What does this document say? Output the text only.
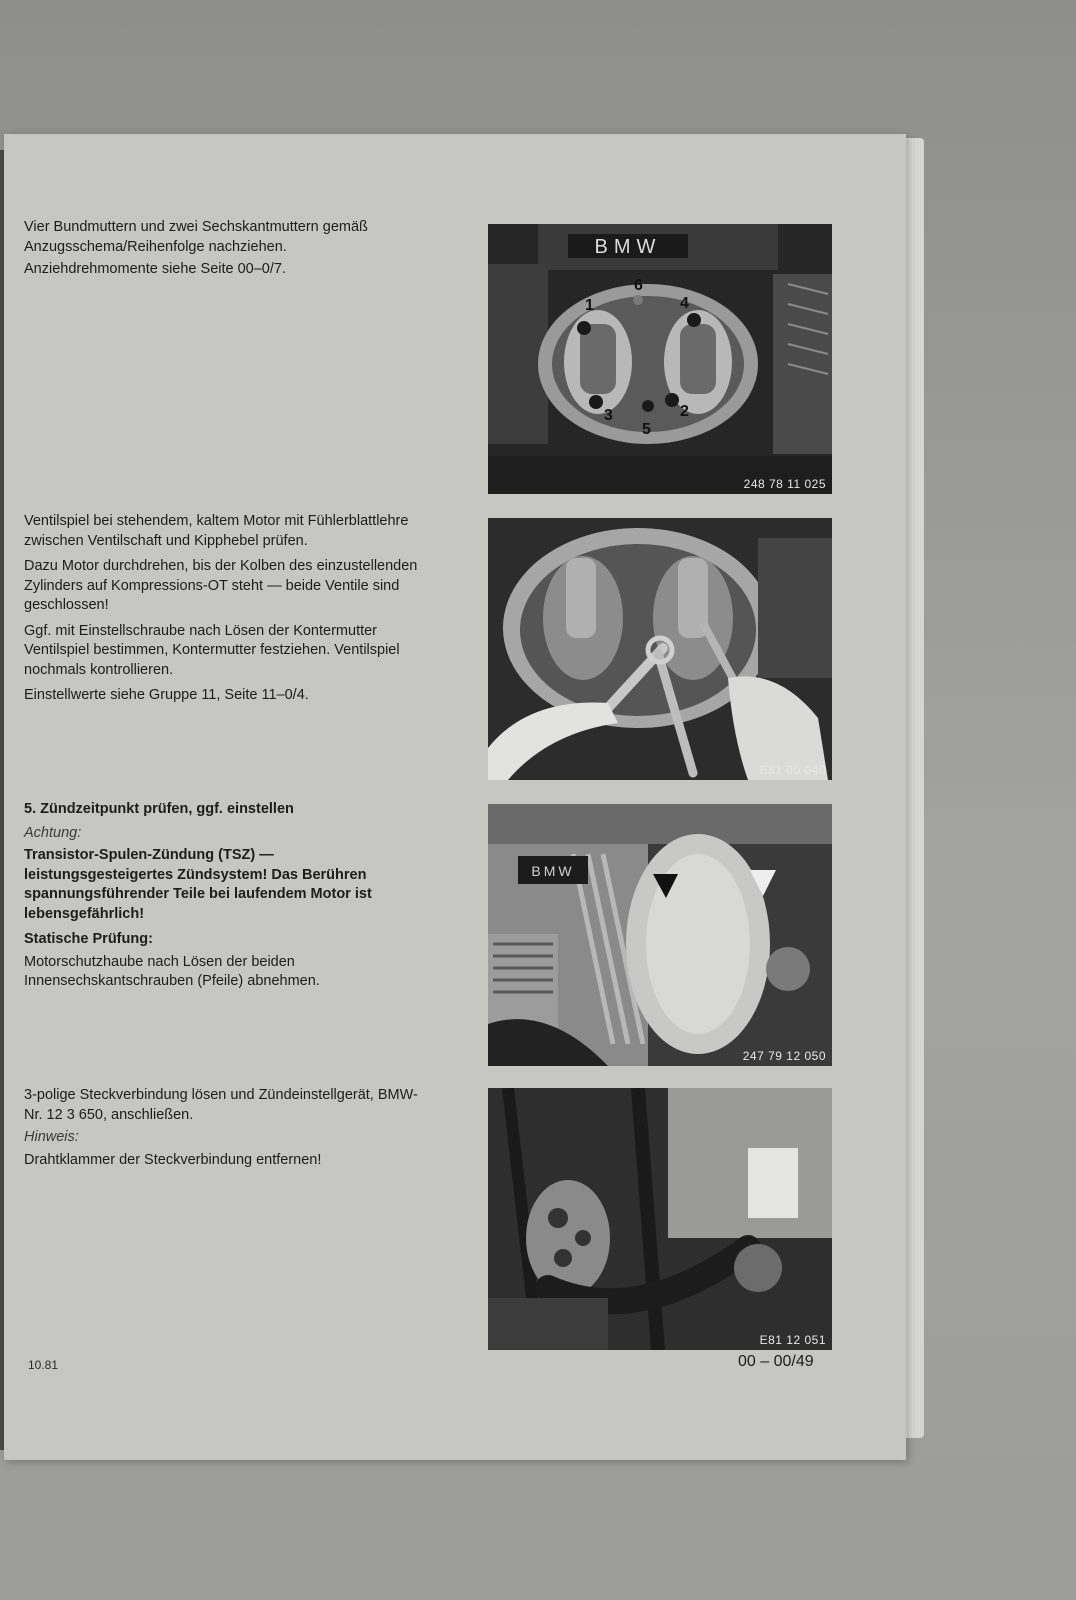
Vier Bundmuttern und zwei Sechskantmuttern gemäß Anzugsschema/Reihenfolge nachziehen.

Anziehdrehmomente siehe Seite 00–0/7.

Ventilspiel bei stehendem, kaltem Motor mit Fühlerblattlehre zwischen Ventilschaft und Kipphebel prüfen.

Dazu Motor durchdrehen, bis der Kolben des einzustellenden Zylinders auf Kompressions-OT steht — beide Ventile sind geschlossen!

Ggf. mit Einstellschraube nach Lösen der Kontermutter Ventilspiel bestimmen, Kontermutter festziehen. Ventilspiel nochmals kontrollieren.

Einstellwerte siehe Gruppe 11, Seite 11–0/4.

5. Zündzeitpunkt prüfen, ggf. einstellen

Achtung:

Transistor-Spulen-Zündung (TSZ) — leistungsgesteigertes Zündsystem! Das Berühren spannungsführender Teile bei laufendem Motor ist lebensgefährlich!

Statische Prüfung:

Motorschutzhaube nach Lösen der beiden Innensechskantschrauben (Pfeile) abnehmen.

3-polige Steckverbindung lösen und Zündeinstellgerät, BMW-Nr. 12 3 650, anschließen.

Hinweis:

Drahtklammer der Steckverbindung entfernen!

BMW
1
2
3
4
5
6
248 78 11 025
E81 00 040
BMW
247 79 12 050
E81 12 051
10.81	00 – 00/49
